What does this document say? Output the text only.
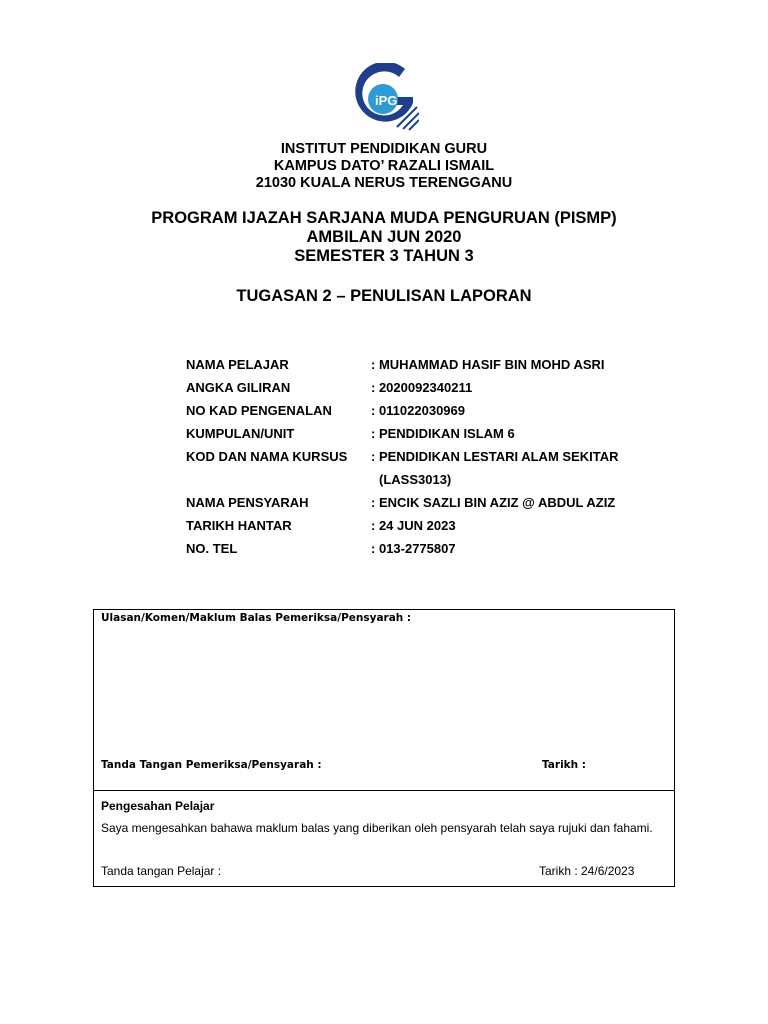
iPG
INSTITUT PENDIDIKAN GURU
KAMPUS DATO’ RAZALI ISMAIL
21030 KUALA NERUS TERENGGANU
PROGRAM IJAZAH SARJANA MUDA PENGURUAN (PISMP)
AMBILAN JUN 2020
SEMESTER 3 TAHUN 3
TUGASAN 2 – PENULISAN LAPORAN
NAMA PELAJAR	: MUHAMMAD HASIF BIN MOHD ASRI
ANGKA GILIRAN	: 2020092340211
NO KAD PENGENALAN	: 011022030969
KUMPULAN/UNIT	: PENDIDIKAN ISLAM 6
KOD DAN NAMA KURSUS	: PENDIDIKAN LESTARI ALAM SEKITAR
(LASS3013)
NAMA PENSYARAH	: ENCIK SAZLI BIN AZIZ @ ABDUL AZIZ
TARIKH HANTAR	: 24 JUN 2023
NO. TEL	: 013-2775807
Ulasan/Komen/Maklum Balas Pemeriksa/Pensyarah :
Tanda Tangan Pemeriksa/Pensyarah :	Tarikh :
Pengesahan Pelajar
Saya mengesahkan bahawa maklum balas yang diberikan oleh pensyarah telah saya rujuki dan fahami.
Tanda tangan Pelajar :	Tarikh : 24/6/2023
